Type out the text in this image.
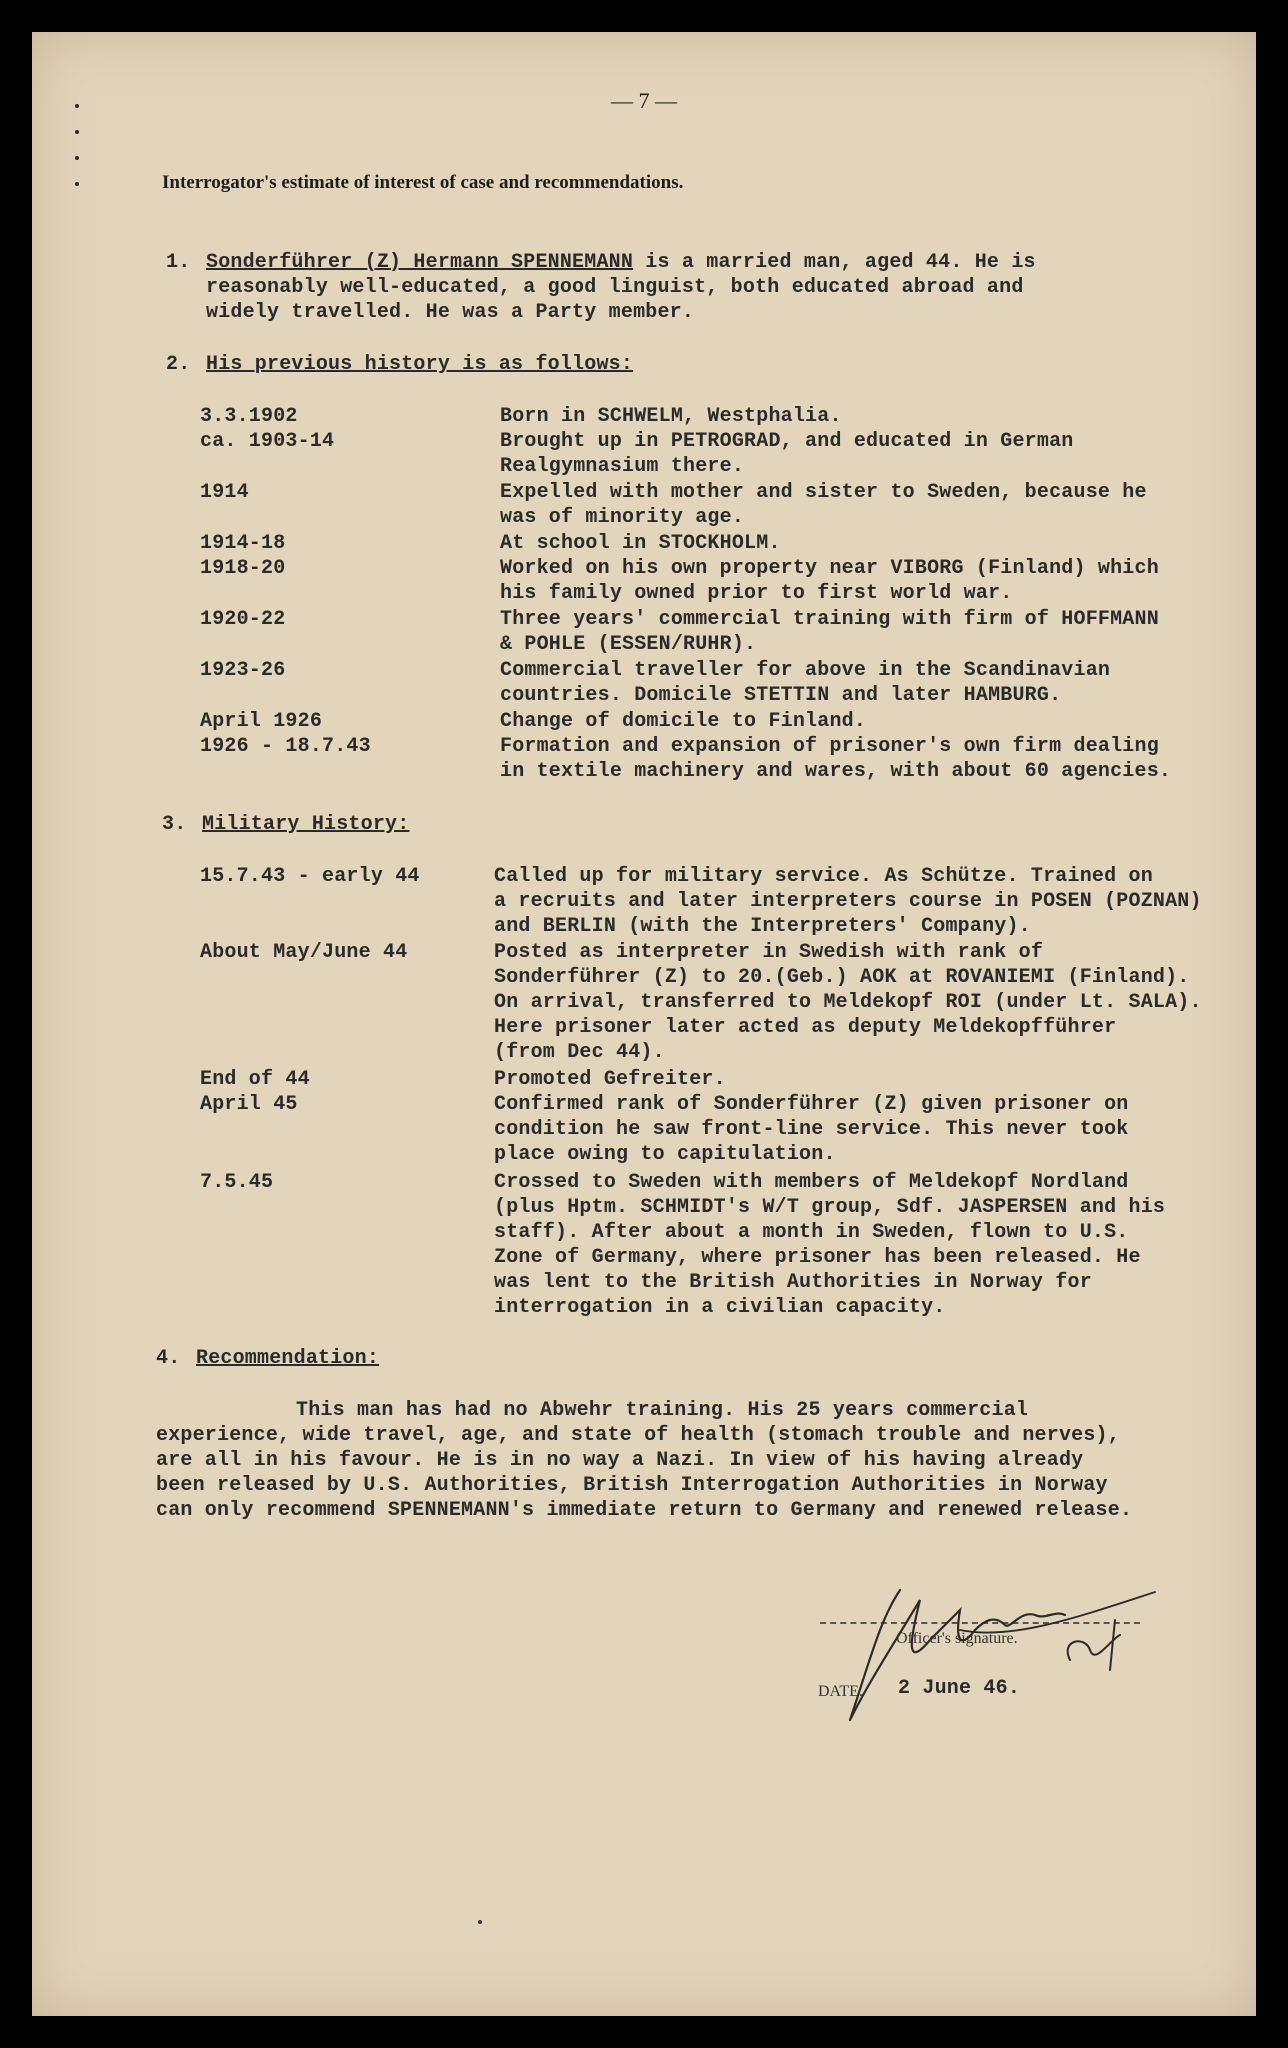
— 7 —
Interrogator's estimate of interest of case and recommendations.
1. Sonderführer (Z) Hermann SPENNEMANN is a married man, aged 44. He is
reasonably well-educated, a good linguist, both educated abroad and
widely travelled. He was a Party member.
2. His previous history is as follows:
3.3.1902	Born in SCHWELM, Westphalia.
ca. 1903-14	Brought up in PETROGRAD, and educated in German
Realgymnasium there.
1914	Expelled with mother and sister to Sweden, because he
was of minority age.
1914-18	At school in STOCKHOLM.
1918-20	Worked on his own property near VIBORG (Finland) which
his family owned prior to first world war.
1920-22	Three years' commercial training with firm of HOFFMANN
& POHLE (ESSEN/RUHR).
1923-26	Commercial traveller for above in the Scandinavian
countries. Domicile STETTIN and later HAMBURG.
April 1926	Change of domicile to Finland.
1926 - 18.7.43	Formation and expansion of prisoner's own firm dealing
in textile machinery and wares, with about 60 agencies.
3. Military History:
15.7.43 - early 44	Called up for military service. As Schütze. Trained on
a recruits and later interpreters course in POSEN (POZNAN)
and BERLIN (with the Interpreters' Company).
About May/June 44	Posted as interpreter in Swedish with rank of
Sonderführer (Z) to 20.(Geb.) AOK at ROVANIEMI (Finland).
On arrival, transferred to Meldekopf ROI (under Lt. SALA).
Here prisoner later acted as deputy Meldekopfführer
(from Dec 44).
End of 44	Promoted Gefreiter.
April 45	Confirmed rank of Sonderführer (Z) given prisoner on
condition he saw front-line service. This never took
place owing to capitulation.
7.5.45	Crossed to Sweden with members of Meldekopf Nordland
(plus Hptm. SCHMIDT's W/T group, Sdf. JASPERSEN and his
staff). After about a month in Sweden, flown to U.S.
Zone of Germany, where prisoner has been released. He
was lent to the British Authorities in Norway for
interrogation in a civilian capacity.
4. Recommendation:

This man has had no Abwehr training. His 25 years commercial

experience, wide travel, age, and state of health (stomach trouble and nerves),
are all in his favour. He is in no way a Nazi. In view of his having already
been released by U.S. Authorities, British Interrogation Authorities in Norway
can only recommend SPENNEMANN's immediate return to Germany and renewed release.
Officer's signature.
DATE. 2 June 46.
